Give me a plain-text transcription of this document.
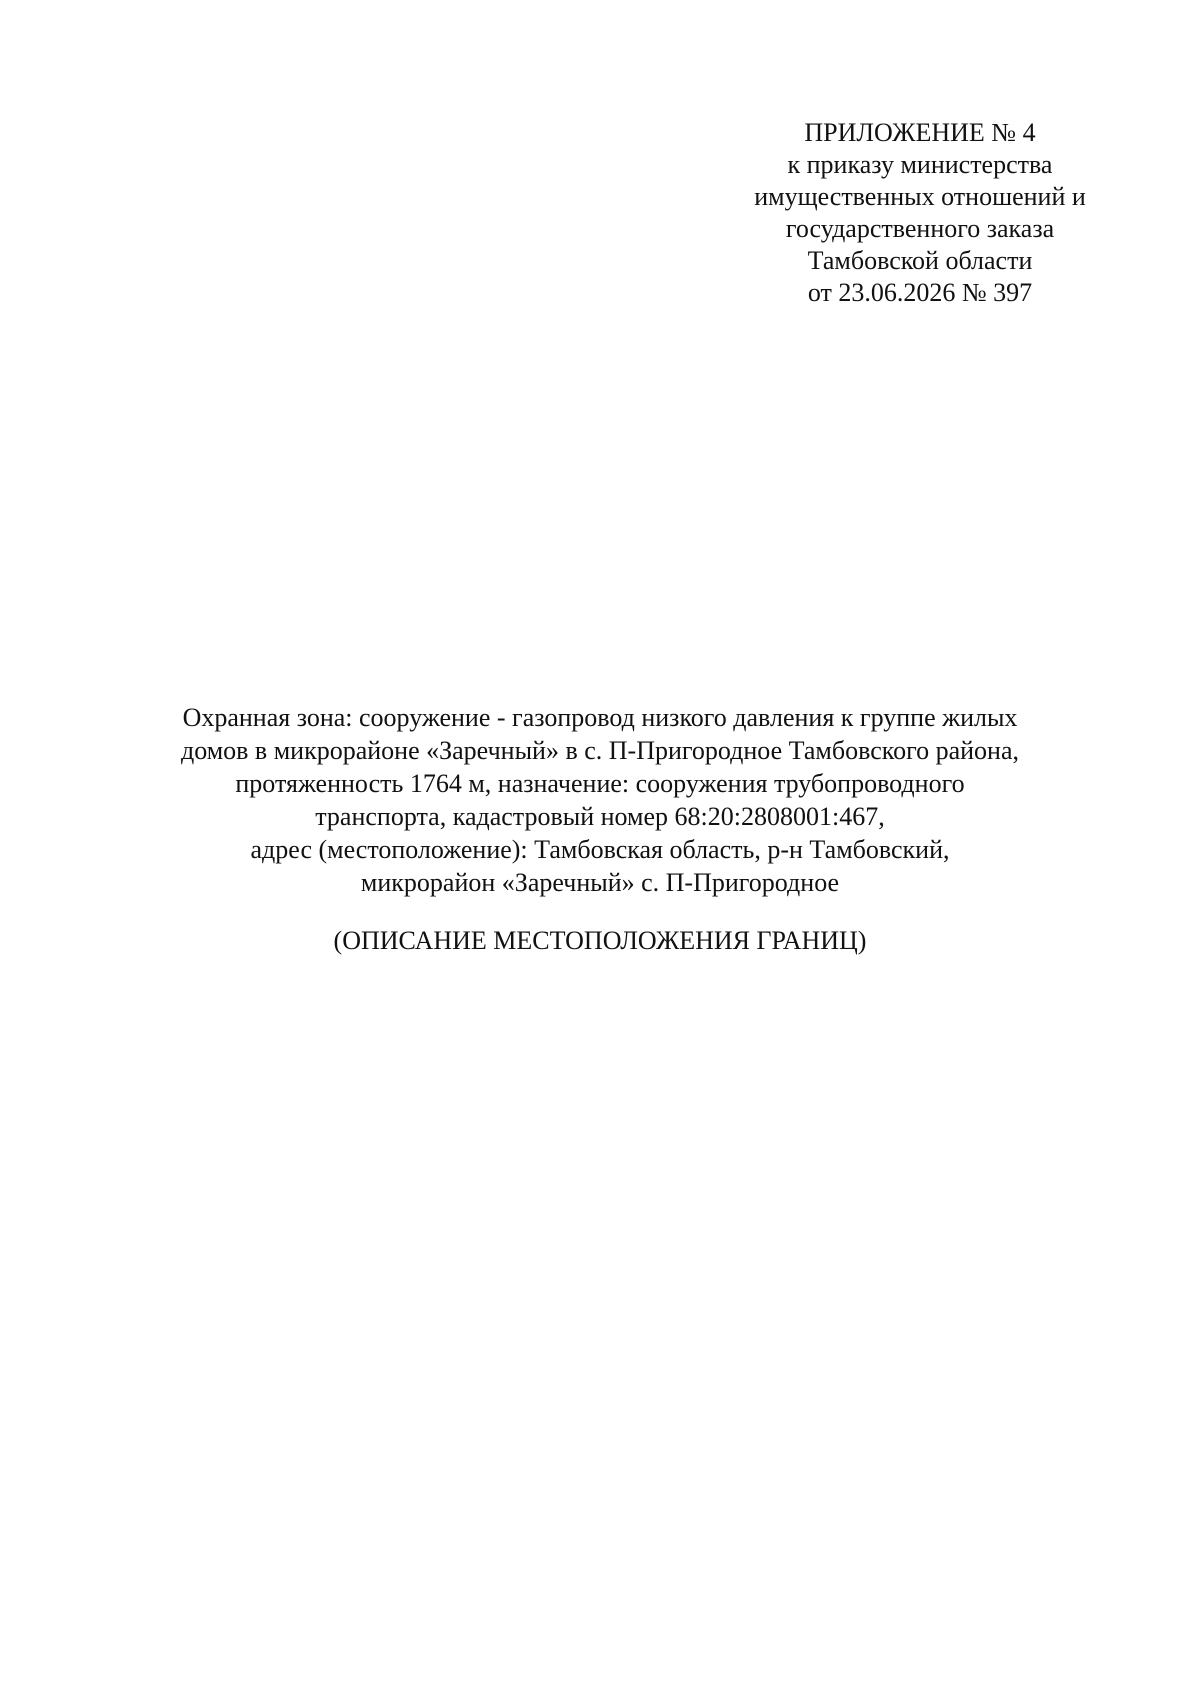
ПРИЛОЖЕНИЕ № 4
к приказу министерства
имущественных отношений и
государственного заказа
Тамбовской области
от 23.06.2026 № 397
Охранная зона: сооружение - газопровод низкого давления к группе жилых
домов в микрорайоне «Заречный» в с. П-Пригородное Тамбовского района,
протяженность 1764 м, назначение: сооружения трубопроводного
транспорта, кадастровый номер 68:20:2808001:467,
адрес (местоположение): Тамбовская область, р-н Тамбовский,
микрорайон «Заречный» с. П-Пригородное
(ОПИСАНИЕ МЕСТОПОЛОЖЕНИЯ ГРАНИЦ)
